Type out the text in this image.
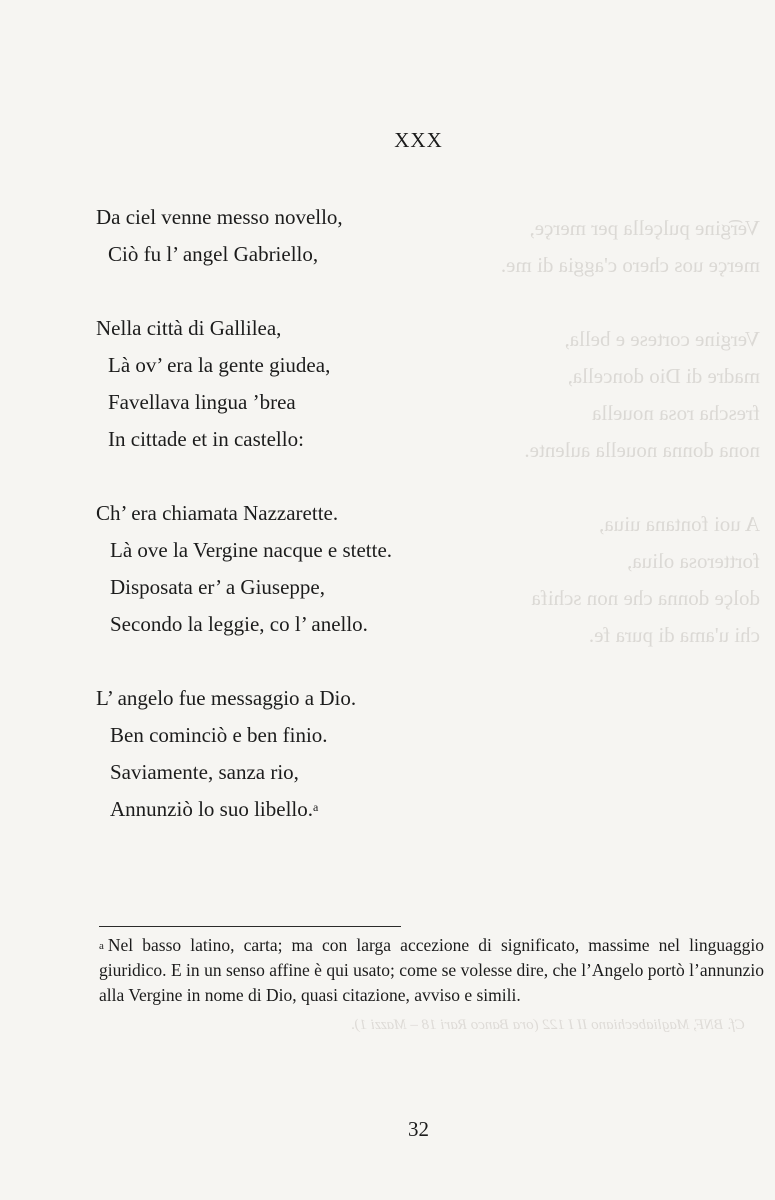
Ve͡rgine pulçella per merçe,
merçe uos chero c'aggia di me.
Vergine cortese e bella,
madre di Dio doncella,
frescha rosa nouella
nona donna nouella aulente.
A uoi fontana uiua,
fortterosa oliua,
dolçe donna che non schifa
chi u'ama di pura fe.
Cf. BNF, Magliabechiano II I 122 (ora Banco Rari 18 – Mazzi 1).
XXX
Da ciel venne messo novello,
Ciò fu l’ angel Gabriello,
Nella città di Gallilea,
Là ov’ era la gente giudea,
Favellava lingua ’brea
In cittade et in castello:
Ch’ era chiamata Nazzarette.
Là ove la Vergine nacque e stette.
Disposata er’ a Giuseppe,
Secondo la leggie, co l’ anello.
L’ angelo fue messaggio a Dio.
Ben cominciò e ben finio.
Saviamente, sanza rio,
Annunziò lo suo libello.$^a$
$^a$ Nel basso latino, carta; ma con larga accezione di significato, massime nel linguaggio giuridico. E in un senso affine è qui usato; come se volesse dire, che l’Angelo portò l’annunzio alla Vergine in nome di Dio, quasi citazione, avviso e simili.
32
